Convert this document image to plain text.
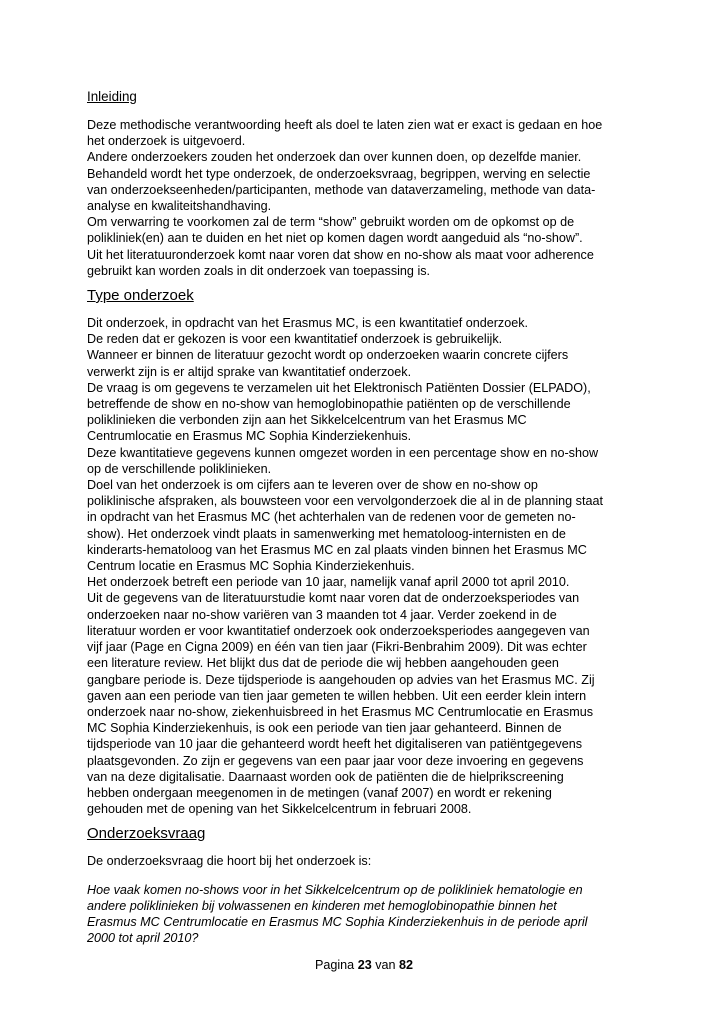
Inleiding
Deze methodische verantwoording heeft als doel te laten zien wat er exact is gedaan en hoe
het onderzoek is uitgevoerd.
Andere onderzoekers zouden het onderzoek dan over kunnen doen, op dezelfde manier.
Behandeld wordt het type onderzoek, de onderzoeksvraag, begrippen, werving en selectie
van onderzoekseenheden/participanten, methode van dataverzameling, methode van data-
analyse en kwaliteitshandhaving.
Om verwarring te voorkomen zal de term “show” gebruikt worden om de opkomst op de
polikliniek(en) aan te duiden en het niet op komen dagen wordt aangeduid als “no-show”.
Uit het literatuuronderzoek komt naar voren dat show en no-show als maat voor adherence
gebruikt kan worden zoals in dit onderzoek van toepassing is.
Type onderzoek
Dit onderzoek, in opdracht van het Erasmus MC, is een kwantitatief onderzoek.
De reden dat er gekozen is voor een kwantitatief onderzoek is gebruikelijk.
Wanneer er binnen de literatuur gezocht wordt op onderzoeken waarin concrete cijfers
verwerkt zijn is er altijd sprake van kwantitatief onderzoek.
De vraag is om gegevens te verzamelen uit het Elektronisch Patiënten Dossier (ELPADO),
betreffende de show en no-show van hemoglobinopathie patiënten op de verschillende
poliklinieken die verbonden zijn aan het Sikkelcelcentrum van het Erasmus MC
Centrumlocatie en Erasmus MC Sophia Kinderziekenhuis.
Deze kwantitatieve gegevens kunnen omgezet worden in een percentage show en no-show
op de verschillende poliklinieken.
Doel van het onderzoek is om cijfers aan te leveren over de show en no-show op
poliklinische afspraken, als bouwsteen voor een vervolgonderzoek die al in de planning staat
in opdracht van het Erasmus MC (het achterhalen van de redenen voor de gemeten no-
show). Het onderzoek vindt plaats in samenwerking met hematoloog-internisten en de
kinderarts-hematoloog van het Erasmus MC en zal plaats vinden binnen het Erasmus MC
Centrum locatie en Erasmus MC Sophia Kinderziekenhuis.
Het onderzoek betreft een periode van 10 jaar, namelijk vanaf april 2000 tot april 2010.
Uit de gegevens van de literatuurstudie komt naar voren dat de onderzoeksperiodes van
onderzoeken naar no-show variëren van 3 maanden tot 4 jaar. Verder zoekend in de
literatuur worden er voor kwantitatief onderzoek ook onderzoeksperiodes aangegeven van
vijf jaar (Page en Cigna 2009) en één van tien jaar (Fikri-Benbrahim 2009). Dit was echter
een literature review. Het blijkt dus dat de periode die wij hebben aangehouden geen
gangbare periode is. Deze tijdsperiode is aangehouden op advies van het Erasmus MC. Zij
gaven aan een periode van tien jaar gemeten te willen hebben. Uit een eerder klein intern
onderzoek naar no-show, ziekenhuisbreed in het Erasmus MC Centrumlocatie en Erasmus
MC Sophia Kinderziekenhuis, is ook een periode van tien jaar gehanteerd. Binnen de
tijdsperiode van 10 jaar die gehanteerd wordt heeft het digitaliseren van patiëntgegevens
plaatsgevonden. Zo zijn er gegevens van een paar jaar voor deze invoering en gegevens
van na deze digitalisatie. Daarnaast worden ook de patiënten die de hielprikscreening
hebben ondergaan meegenomen in de metingen (vanaf 2007) en wordt er rekening
gehouden met de opening van het Sikkelcelcentrum in februari 2008.
Onderzoeksvraag
De onderzoeksvraag die hoort bij het onderzoek is:
Hoe vaak komen no-shows voor in het Sikkelcelcentrum op de polikliniek hematologie en
andere poliklinieken bij volwassenen en kinderen met hemoglobinopathie binnen het
Erasmus MC Centrumlocatie en Erasmus MC Sophia Kinderziekenhuis in de periode april
2000 tot april 2010?
Pagina 23 van 82
